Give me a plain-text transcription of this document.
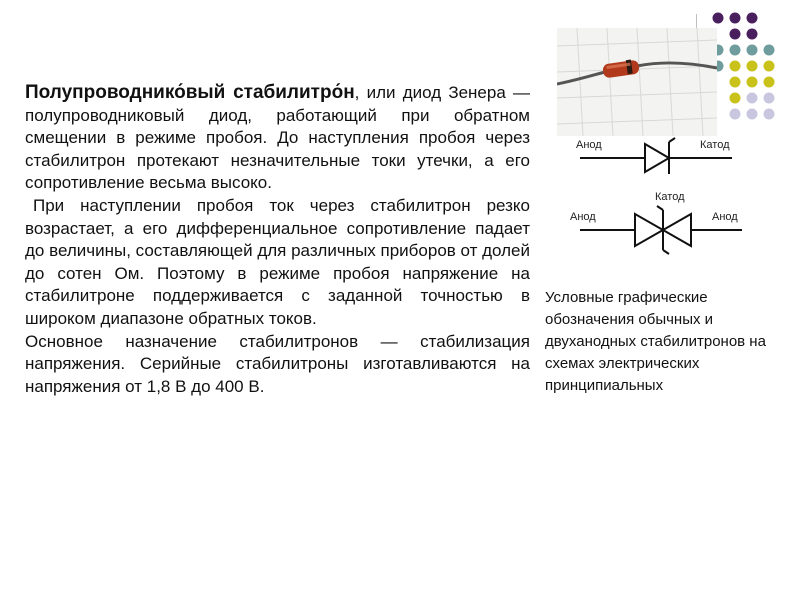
Полупроводнико́вый стабилитро́н, или диод Зенера — полупроводниковый диод, работающий при обратном смещении в режиме пробоя. До наступления пробоя через стабилитрон протекают незначительные токи утечки, а его сопротивление весьма высоко.

При наступлении пробоя ток через стабилитрон резко возрастает, а его дифференциальное сопротивление падает до величины, составляющей для различных приборов от долей до сотен Ом. Поэтому в режиме пробоя напряжение на стабилитроне поддерживается с заданной точностью в широком диапазоне обратных токов.

Основное назначение стабилитронов — стабилизация напряжения. Серийные стабилитроны изготавливаются на напряжения от 1,8 В до 400 В.

Анод	Катод
Катод
Анод	Анод
Условные графические обозначения обычных и двуханодных стабилитронов на схемах электрических принципиальных
